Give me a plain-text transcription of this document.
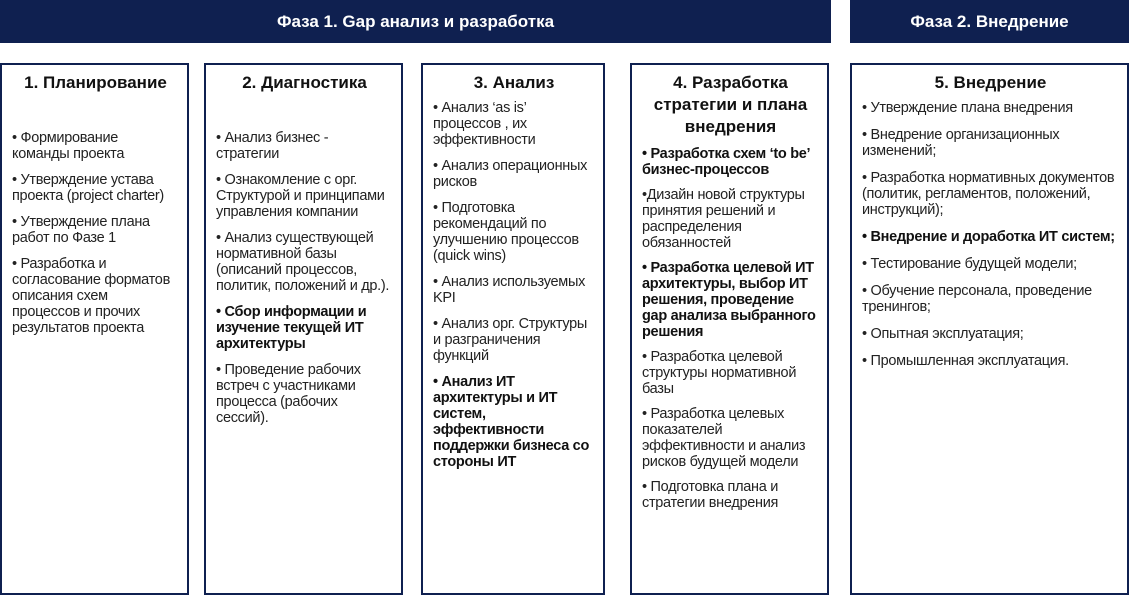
Фаза 1. Gap анализ и разработка	Фаза 2. Внедрение
1. Планирование
• Формирование команды проекта
• Утверждение устава проекта (project charter)
• Утверждение плана работ по Фазе 1
• Разработка и согласование форматов описания схем процессов и прочих результатов проекта
2. Диагностика
• Анализ бизнес - стратегии
• Ознакомление с орг. Структурой и принципами управления компании
• Анализ существующей нормативной базы (описаний процессов, политик, положений и др.).
• Сбор информации и изучение текущей ИТ архитектуры
• Проведение рабочих встреч с участниками процесса (рабочих сессий).
3. Анализ
• Анализ ‘as is’ процессов , их эффективности
• Анализ операционных рисков
• Подготовка рекомендаций по улучшению процессов (quick wins)
• Анализ используемых KPI
• Анализ орг. Структуры и разграничения функций
• Анализ ИТ архитектуры и ИТ систем, эффективности поддержки бизнеса со стороны ИТ
4. Разработка стратегии и плана внедрения
• Разработка схем ‘to be’ бизнес-процессов
•Дизайн новой структуры принятия решений и распределения обязанностей
• Разработка целевой ИТ архитектуры, выбор ИТ решения, проведение gap анализа выбранного решения
• Разработка целевой структуры нормативной базы
• Разработка целевых показателей эффективности и анализ рисков будущей модели
• Подготовка плана и стратегии внедрения
5. Внедрение
• Утверждение плана внедрения
• Внедрение организационных изменений;
• Разработка нормативных документов (политик, регламентов, положений, инструкций);
• Внедрение и доработка ИТ систем;
• Тестирование будущей модели;
• Обучение персонала, проведение тренингов;
• Опытная эксплуатация;
• Промышленная эксплуатация.
